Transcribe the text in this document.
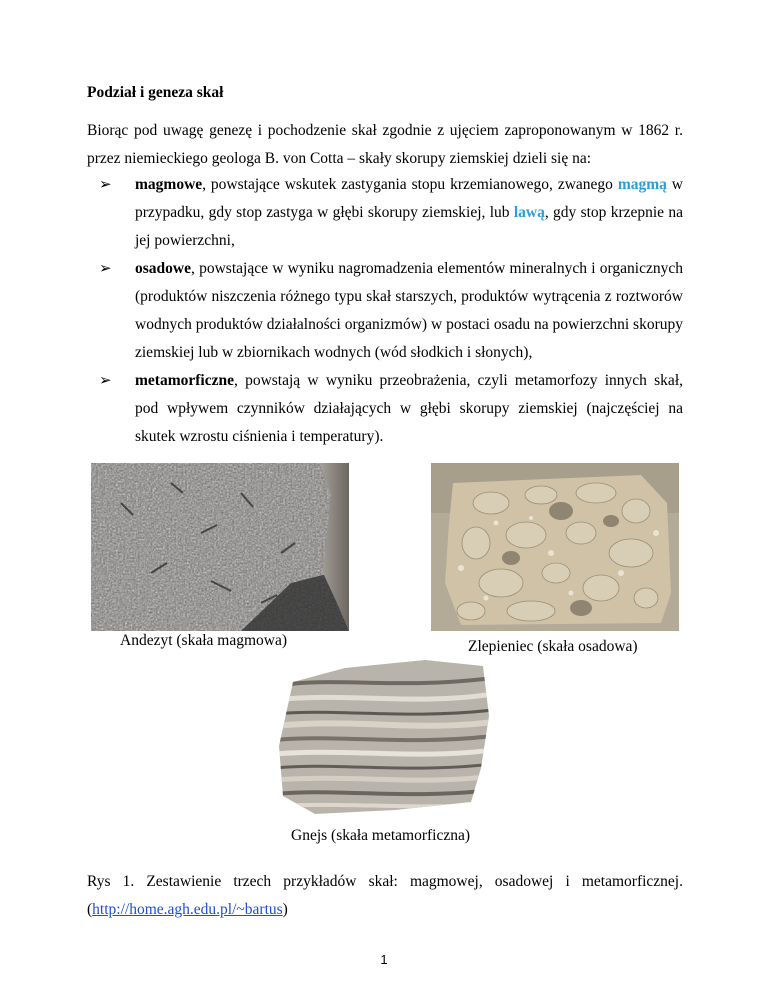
Podział i geneza skał
Biorąc pod uwagę genezę i pochodzenie skał zgodnie z ujęciem zaproponowanym w 1862 r. przez niemieckiego geologa B. von Cotta – skały skorupy ziemskiej dzieli się na:
➢ magmowe, powstające wskutek zastygania stopu krzemianowego, zwanego magmą w przypadku, gdy stop zastyga w głębi skorupy ziemskiej, lub lawą, gdy stop krzepnie na jej powierzchni,
➢ osadowe, powstające w wyniku nagromadzenia elementów mineralnych i organicznych (produktów niszczenia różnego typu skał starszych, produktów wytrącenia z roztworów wodnych produktów działalności organizmów) w postaci osadu na powierzchni skorupy ziemskiej lub w zbiornikach wodnych (wód słodkich i słonych),
➢ metamorficzne, powstają w wyniku przeobrażenia, czyli metamorfozy innych skał, pod wpływem czynników działających w głębi skorupy ziemskiej (najczęściej na skutek wzrostu ciśnienia i temperatury).
Andezyt (skała magmowa)	Zlepieniec (skała osadowa)
Gnejs (skała metamorficzna)
Rys 1. Zestawienie trzech przykładów skał: magmowej, osadowej i metamorficznej. (http://home.agh.edu.pl/~bartus)
1
